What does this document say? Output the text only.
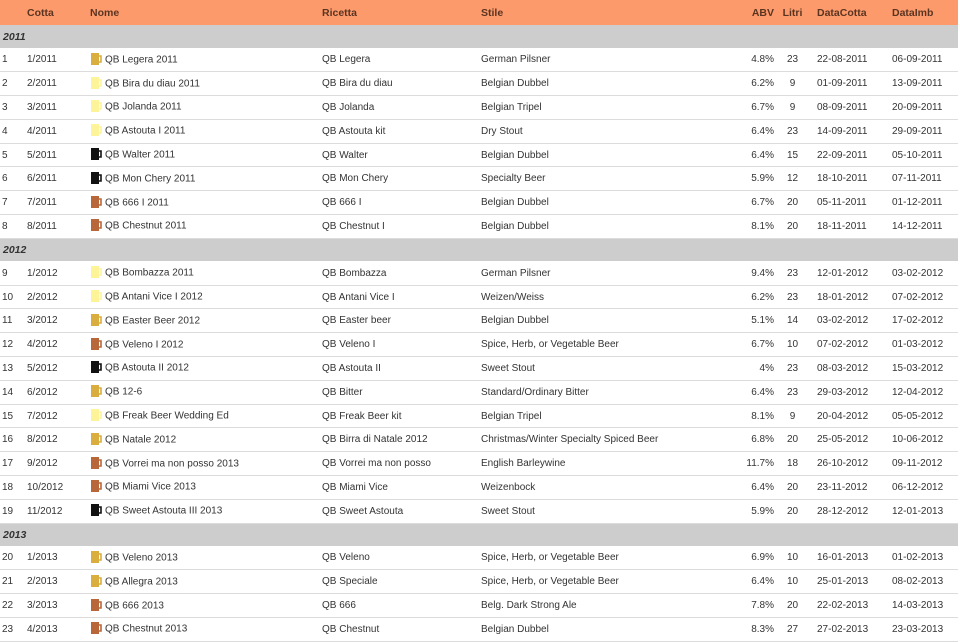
	Cotta	Nome	Ricetta	Stile	ABV	Litri	DataCotta	DataImb
2011								
1	1/2011	QB Legera 2011	QB Legera	German Pilsner	4.8%	23	22-08-2011	06-09-2011
2	2/2011	QB Bira du diau 2011	QB Bira du diau	Belgian Dubbel	6.2%	9	01-09-2011	13-09-2011
3	3/2011	QB Jolanda 2011	QB Jolanda	Belgian Tripel	6.7%	9	08-09-2011	20-09-2011
4	4/2011	QB Astouta I 2011	QB Astouta kit	Dry Stout	6.4%	23	14-09-2011	29-09-2011
5	5/2011	QB Walter 2011	QB Walter	Belgian Dubbel	6.4%	15	22-09-2011	05-10-2011
6	6/2011	QB Mon Chery 2011	QB Mon Chery	Specialty Beer	5.9%	12	18-10-2011	07-11-2011
7	7/2011	QB 666 I 2011	QB 666 I	Belgian Dubbel	6.7%	20	05-11-2011	01-12-2011
8	8/2011	QB Chestnut 2011	QB Chestnut I	Belgian Dubbel	8.1%	20	18-11-2011	14-12-2011
2012								
9	1/2012	QB Bombazza 2011	QB Bombazza	German Pilsner	9.4%	23	12-01-2012	03-02-2012
10	2/2012	QB Antani Vice I 2012	QB Antani Vice I	Weizen/Weiss	6.2%	23	18-01-2012	07-02-2012
11	3/2012	QB Easter Beer 2012	QB Easter beer	Belgian Dubbel	5.1%	14	03-02-2012	17-02-2012
12	4/2012	QB Veleno I 2012	QB Veleno I	Spice, Herb, or Vegetable Beer	6.7%	10	07-02-2012	01-03-2012
13	5/2012	QB Astouta II 2012	QB Astouta II	Sweet Stout	4%	23	08-03-2012	15-03-2012
14	6/2012	QB 12-6	QB Bitter	Standard/Ordinary Bitter	6.4%	23	29-03-2012	12-04-2012
15	7/2012	QB Freak Beer Wedding Ed	QB Freak Beer kit	Belgian Tripel	8.1%	9	20-04-2012	05-05-2012
16	8/2012	QB Natale 2012	QB Birra di Natale 2012	Christmas/Winter Specialty Spiced Beer	6.8%	20	25-05-2012	10-06-2012
17	9/2012	QB Vorrei ma non posso 2013	QB Vorrei ma non posso	English Barleywine	11.7%	18	26-10-2012	09-11-2012
18	10/2012	QB Miami Vice 2013	QB Miami Vice	Weizenbock	6.4%	20	23-11-2012	06-12-2012
19	11/2012	QB Sweet Astouta III 2013	QB Sweet Astouta	Sweet Stout	5.9%	20	28-12-2012	12-01-2013
2013								
20	1/2013	QB Veleno 2013	QB Veleno	Spice, Herb, or Vegetable Beer	6.9%	10	16-01-2013	01-02-2013
21	2/2013	QB Allegra 2013	QB Speciale	Spice, Herb, or Vegetable Beer	6.4%	10	25-01-2013	08-02-2013
22	3/2013	QB 666 2013	QB 666	Belg. Dark Strong Ale	7.8%	20	22-02-2013	14-03-2013
23	4/2013	QB Chestnut 2013	QB Chestnut	Belgian Dubbel	8.3%	27	27-02-2013	23-03-2013
